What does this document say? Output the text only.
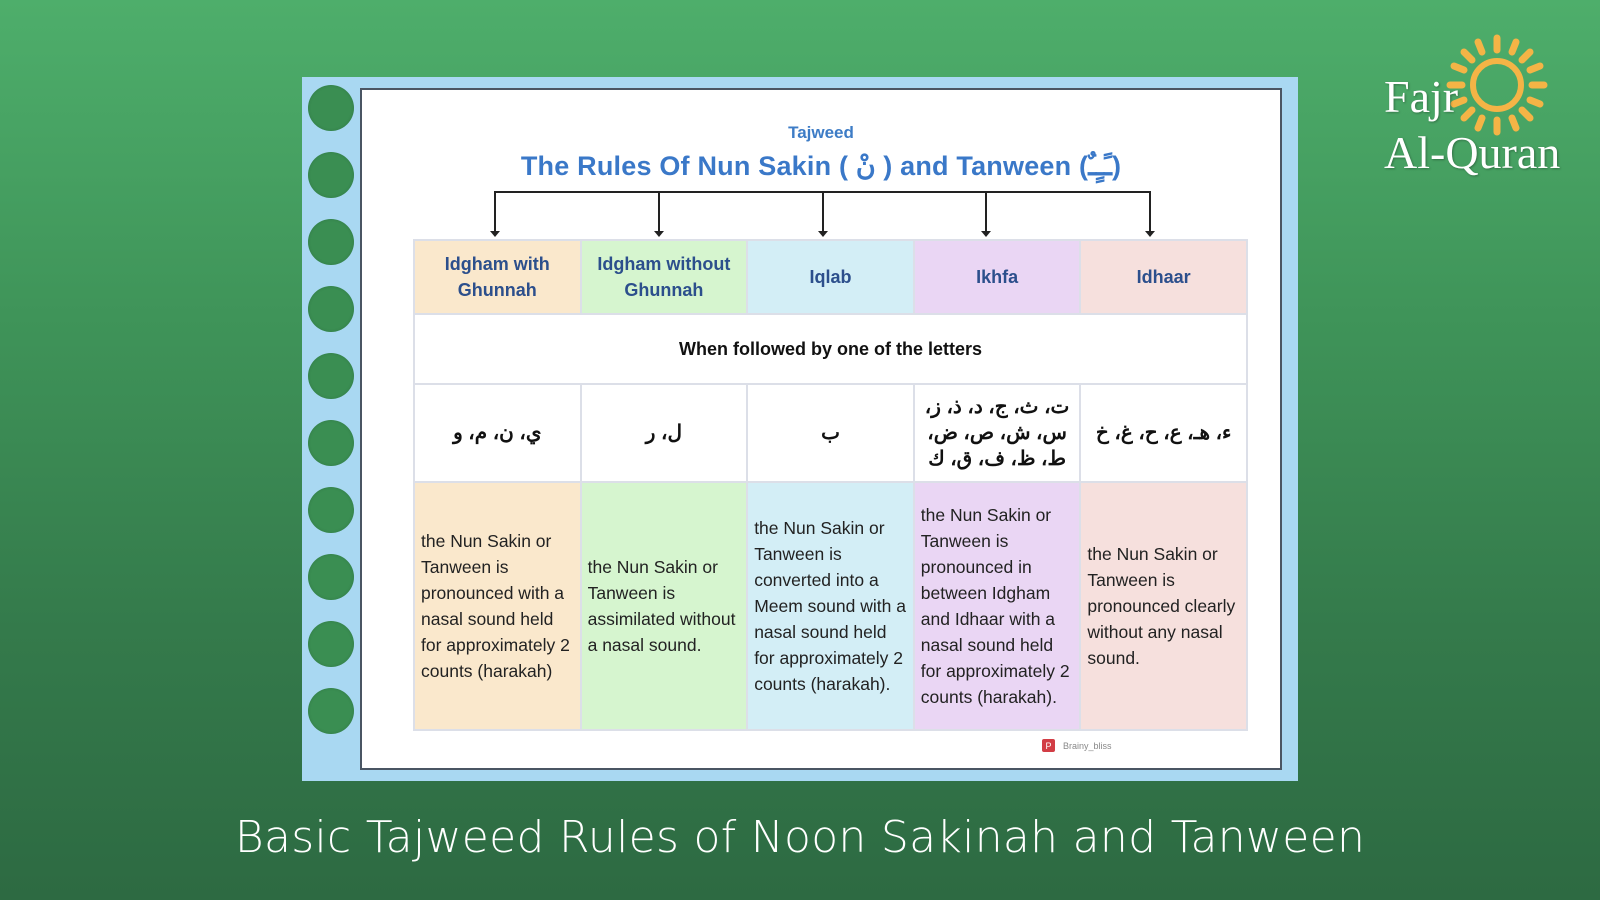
Fajr
Al-Quran
Tajweed
The Rules Of Nun Sakin ( نْ ) and Tanween (ـًـٍـٌ)
Idgham with Ghunnah	Idgham without Ghunnah	Iqlab	Ikhfa	Idhaar
When followed by one of the letters				
ي، ن، م، و	ل، ر	ب	ت، ث، ج، د، ذ، ز، س، ش، ص، ض، ط، ظ، ف، ق، ك	ء، هـ، ع، ح، غ، خ
the Nun Sakin or Tanween is pronounced with a nasal sound held for approximately 2 counts (harakah)	the Nun Sakin or Tanween is assimilated without a nasal sound.	the Nun Sakin or Tanween is converted into a Meem sound with a nasal sound held for approximately 2 counts (harakah).	the Nun Sakin or Tanween is pronounced in between Idgham and Idhaar with a nasal sound held for approximately 2 counts (harakah).	the Nun Sakin or Tanween is pronounced clearly without any nasal sound.
P	Brainy_bliss
Basic Tajweed Rules of Noon Sakinah and Tanween
